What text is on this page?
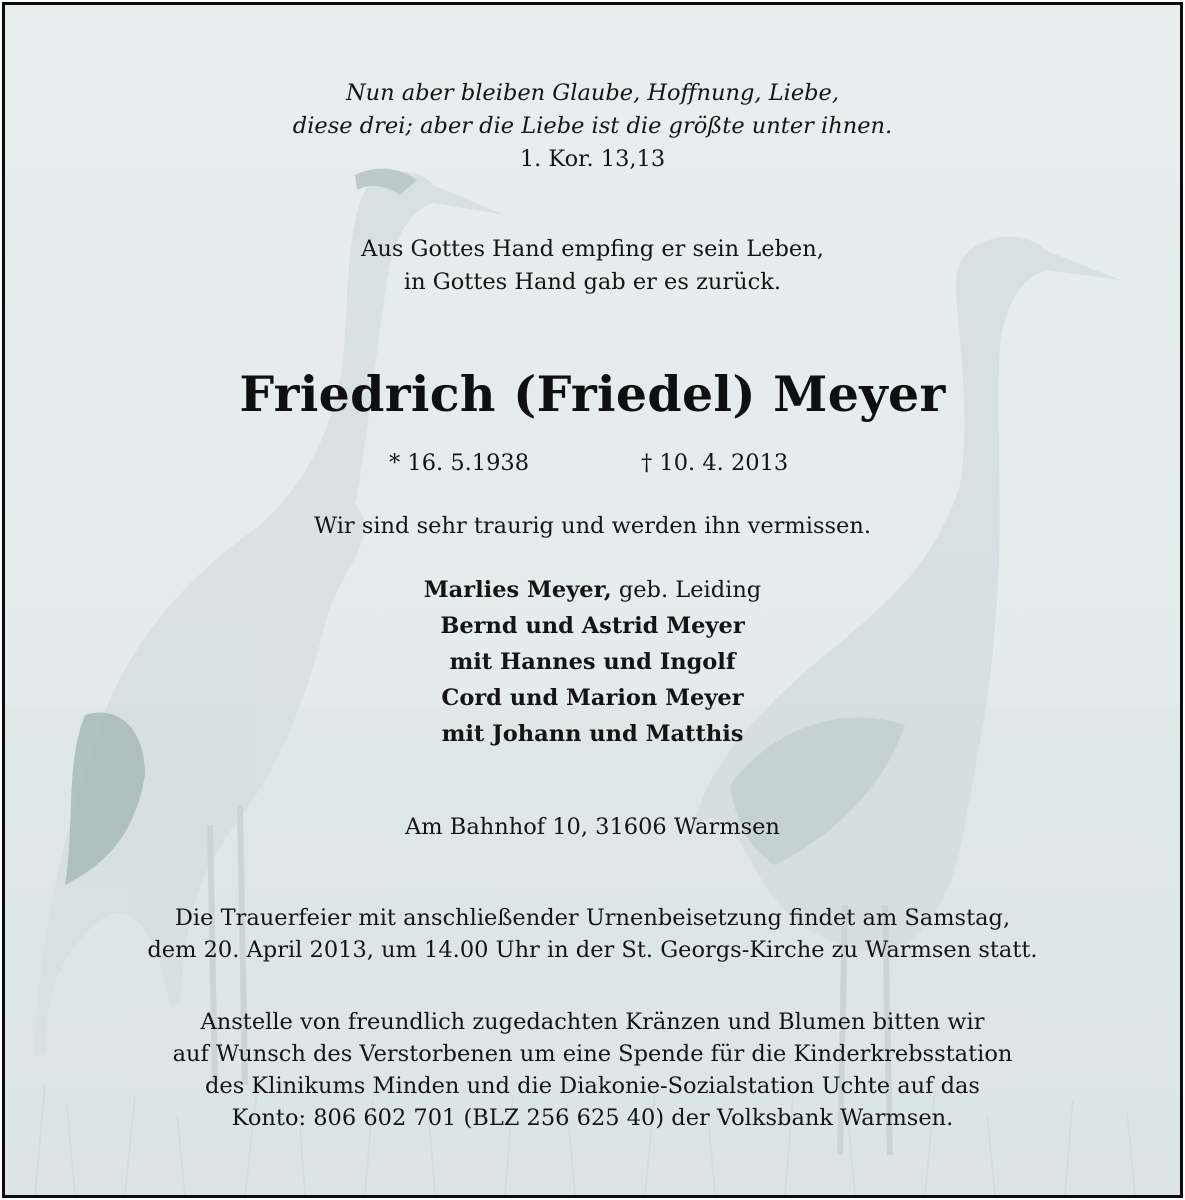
Nun aber bleiben Glaube, Hoffnung, Liebe,
diese drei; aber die Liebe ist die größte unter ihnen.
1. Kor. 13,13
Aus Gottes Hand empfing er sein Leben,
in Gottes Hand gab er es zurück.
Friedrich (Friedel) Meyer
* 16. 5.1938	† 10. 4. 2013
Wir sind sehr traurig und werden ihn vermissen.
Marlies Meyer, geb. Leiding
Bernd und Astrid Meyer
mit Hannes und Ingolf
Cord und Marion Meyer
mit Johann und Matthis
Am Bahnhof 10, 31606 Warmsen
Die Trauerfeier mit anschließender Urnenbeisetzung findet am Samstag,
dem 20. April 2013, um 14.00 Uhr in der St. Georgs-Kirche zu Warmsen statt.
Anstelle von freundlich zugedachten Kränzen und Blumen bitten wir
auf Wunsch des Verstorbenen um eine Spende für die Kinderkrebsstation
des Klinikums Minden und die Diakonie-Sozialstation Uchte auf das
Konto: 806 602 701 (BLZ 256 625 40) der Volksbank Warmsen.
